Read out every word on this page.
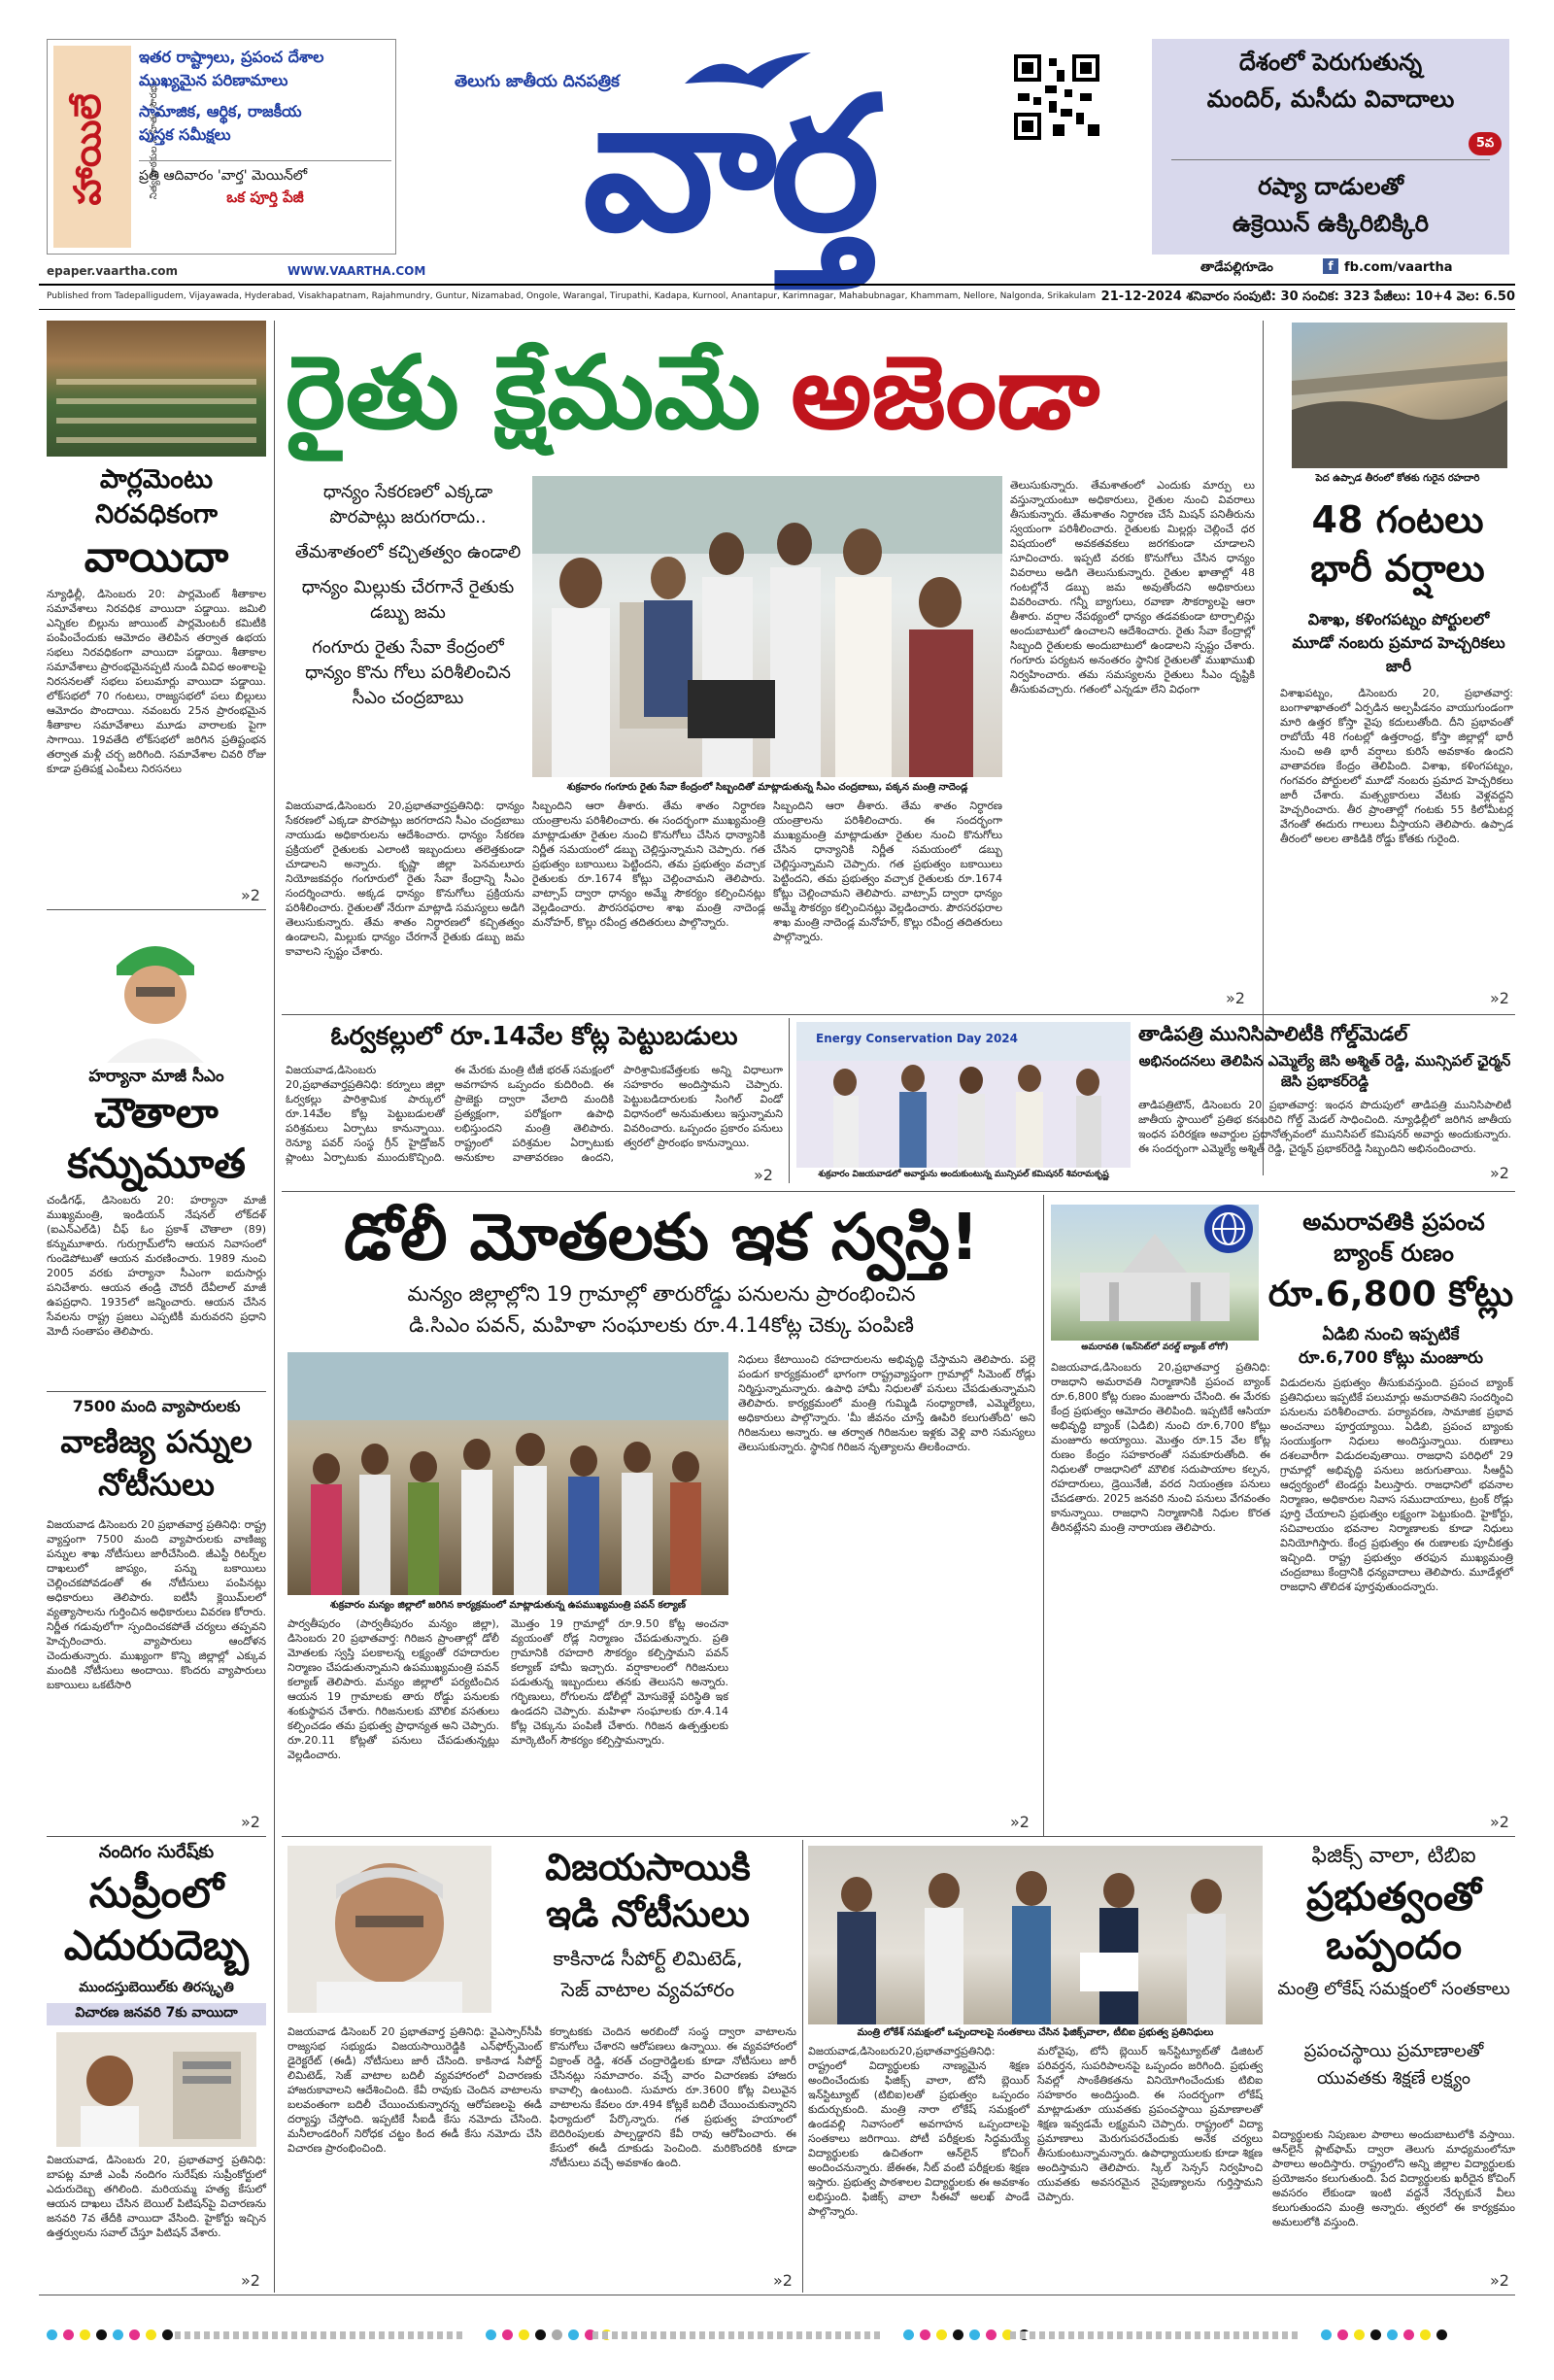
హాయిలే	నిత్య పాఠకుల సాహిత్య సౌరభం
ఇతర రాష్ట్రాలు, ప్రపంచ దేశాల
ముఖ్యమైన పరిణామాలు
సామాజిక, ఆర్థిక, రాజకీయ
పుస్తక సమీక్షలు
ప్రతి ఆదివారం 'వార్త' మెయిన్‌లో
ఒక పూర్తి పేజీ
epaper.vaartha.com	WWW.VAARTHA.COM
తెలుగు జాతీయ దినపత్రిక
వార్త	దేశంలో పెరుగుతున్న
మందిర్, మసీదు వివాదాలు
5వ
రష్యా దాడులతో
ఉక్రెయిన్ ఉక్కిరిబిక్కిరి
తాడేపల్లిగూడెం	f fb.com/vaartha
Published from Tadepalligudem, Vijayawada, Hyderabad, Visakhapatnam, Rajahmundry, Guntur, Nizamabad, Ongole, Warangal, Tirupathi, Kadapa, Kurnool, Anantapur, Karimnagar, Mahabubnagar, Khammam, Nellore, Nalgonda, Srikakulam 21-12-2024 శనివారం సంపుటి: 30 సంచిక: 323 పేజీలు: 10+4 వెల: 6.50
పార్లమెంటు
నిరవధికంగా
వాయిదా
న్యూఢిల్లీ, డిసెంబరు 20: పార్లమెంట్ శీతాకాల సమావేశాలు నిరవధిక వాయిదా పడ్డాయి. జమిలి ఎన్నికల బిల్లును జాయింట్ పార్లమెంటరీ కమిటీకి పంపించేందుకు ఆమోదం తెలిపిన తర్వాత ఉభయ సభలు నిరవధికంగా వాయిదా పడ్డాయి. శీతాకాల సమావేశాలు ప్రారంభమైనప్పటి నుండి వివిధ అంశాలపై నిరసనలతో సభలు పలుమార్లు వాయిదా పడ్డాయి. లోక్‌సభలో 70 గంటలు, రాజ్యసభలో పలు బిల్లులు ఆమోదం పొందాయి. నవంబరు 25న ప్రారంభమైన శీతాకాల సమావేశాలు మూడు వారాలకు పైగా సాగాయి. 19వతేది లోక్‌సభలో జరిగిన ప్రతిష్టంభన తర్వాత మళ్లీ చర్చ జరిగింది. సమావేశాల చివరి రోజు కూడా ప్రతిపక్ష ఎంపీలు నిరసనలు
»2
హర్యానా మాజీ సీఎం
చౌతాలా
కన్నుమూత
చండీగఢ్, డిసెంబరు 20: హర్యానా మాజీ ముఖ్యమంత్రి, ఇండియన్ నేషనల్ లోక్‌దళ్ (ఐఎన్‌ఎల్‌డి) చీఫ్ ఓం ప్రకాశ్ చౌతాలా (89) కన్నుమూశారు. గురుగ్రామ్‌లోని ఆయన నివాసంలో గుండెపోటుతో ఆయన మరణించారు. 1989 నుంచి 2005 వరకు హర్యానా సీఎంగా ఐదుసార్లు పనిచేశారు. ఆయన తండ్రి చౌదరీ దేవీలాల్ మాజీ ఉపప్రధాని. 1935లో జన్మించారు. ఆయన చేసిన సేవలను రాష్ట్ర ప్రజలు ఎప్పటికీ మరువరని ప్రధాని మోదీ సంతాపం తెలిపారు.
7500 మంది వ్యాపారులకు
వాణిజ్య పన్నుల
నోటీసులు
విజయవాడ డిసెంబరు 20 ప్రభాతవార్త ప్రతినిధి: రాష్ట్ర వ్యాప్తంగా 7500 మంది వ్యాపారులకు వాణిజ్య పన్నుల శాఖ నోటీసులు జారీచేసింది. జీఎస్టీ రిటర్న్‌ల దాఖలులో జాప్యం, పన్ను బకాయిలు చెల్లించకపోవడంతో ఈ నోటీసులు పంపినట్లు అధికారులు తెలిపారు. ఐటీసీ క్లెయిమ్‌లలో వ్యత్యాసాలను గుర్తించిన అధికారులు వివరణ కోరారు. నిర్ణీత గడువులోగా స్పందించకపోతే చర్యలు తప్పవని హెచ్చరించారు. వ్యాపారులు ఆందోళన చెందుతున్నారు. ముఖ్యంగా కొన్ని జిల్లాల్లో ఎక్కువ మందికి నోటీసులు అందాయి. కొందరు వ్యాపారులు బకాయిలు ఒకటేసారి
»2
నందిగం సురేష్‌కు
సుప్రీంలో
ఎదురుదెబ్బ
ముందస్తుబెయిల్‌కు తిరస్కృతి
విచారణ జనవరి 7కు వాయిదా
విజయవాడ, డిసెంబరు 20, ప్రభాతవార్త ప్రతినిధి: బాపట్ల మాజీ ఎంపీ నందిగం సురేష్‌కు సుప్రీంకోర్టులో ఎదురుదెబ్బ తగిలింది. మరియమ్మ హత్య కేసులో ఆయన దాఖలు చేసిన బెయిల్ పిటిషన్‌పై విచారణను జనవరి 7వ తేదీకి వాయిదా వేసింది. హైకోర్టు ఇచ్చిన ఉత్తర్వులను సవాల్ చేస్తూ పిటిషన్ వేశారు.
»2
రైతు క్షేమమే అజెండా
ధాన్యం సేకరణలో ఎక్కడా పొరపాట్లు జరుగరాదు..
తేమశాతంలో కచ్చితత్వం ఉండాలి
ధాన్యం మిల్లుకు చేరగానే రైతుకు డబ్బు జమ
గంగూరు రైతు సేవా కేంద్రంలో ధాన్యం కొను గోలు పరిశీలించిన సీఎం చంద్రబాబు
శుక్రవారం గంగూరు రైతు సేవా కేంద్రంలో సిబ్బందితో మాట్లాడుతున్న సీఎం చంద్రబాబు, పక్కన మంత్రి నాదెండ్ల
విజయవాడ,డిసెంబరు 20,ప్రభాతవార్తప్రతినిధి: ధాన్యం సేకరణలో ఎక్కడా పొరపాట్లు జరగరాదని సీఎం చంద్రబాబు నాయుడు అధికారులను ఆదేశించారు. ధాన్యం సేకరణ ప్రక్రియలో రైతులకు ఎలాంటి ఇబ్బందులు తలెత్తకుండా చూడాలని అన్నారు. కృష్ణా జిల్లా పెనమలూరు నియోజకవర్గం గంగూరులో రైతు సేవా కేంద్రాన్ని సీఎం సందర్శించారు. అక్కడ ధాన్యం కొనుగోలు ప్రక్రియను పరిశీలించారు. రైతులతో నేరుగా మాట్లాడి సమస్యలు అడిగి తెలుసుకున్నారు. తేమ శాతం నిర్ధారణలో కచ్చితత్వం ఉండాలని, మిల్లుకు ధాన్యం చేరగానే రైతుకు డబ్బు జమ కావాలని స్పష్టం చేశారు.
సిబ్బందిని ఆరా తీశారు. తేమ శాతం నిర్ధారణ యంత్రాలను పరిశీలించారు. ఈ సందర్భంగా ముఖ్యమంత్రి మాట్లాడుతూ రైతుల నుంచి కొనుగోలు చేసిన ధాన్యానికి నిర్ణీత సమయంలో డబ్బు చెల్లిస్తున్నామని చెప్పారు. గత ప్రభుత్వం బకాయిలు పెట్టిందని, తమ ప్రభుత్వం వచ్చాక రైతులకు రూ.1674 కోట్లు చెల్లించామని తెలిపారు. వాట్సాప్ ద్వారా ధాన్యం అమ్మే సౌకర్యం కల్పించినట్లు వెల్లడించారు. పౌరసరఫరాల శాఖ మంత్రి నాదెండ్ల మనోహర్, కొల్లు రవీంద్ర తదితరులు పాల్గొన్నారు.
తెలుసుకున్నారు. తేమశాతంలో ఎందుకు మార్పు లు వస్తున్నాయంటూ అధికారులు, రైతుల నుంచి వివరాలు తీసుకున్నారు. తేమశాతం నిర్ధారణ చేసే మిషన్ పనితీరును స్వయంగా పరిశీలించారు. రైతులకు మిల్లర్లు చెల్లించే ధర విషయంలో అవకతవకలు జరగకుండా చూడాలని సూచించారు. ఇప్పటి వరకు కొనుగోలు చేసిన ధాన్యం వివరాలు అడిగి తెలుసుకున్నారు. రైతుల ఖాతాల్లో 48 గంటల్లోనే డబ్బు జమ అవుతోందని అధికారులు వివరించారు. గన్నీ బ్యాగులు, రవాణా సౌకర్యాలపై ఆరా తీశారు. వర్షాల నేపథ్యంలో ధాన్యం తడవకుండా టార్పాలిన్లు అందుబాటులో ఉంచాలని ఆదేశించారు. రైతు సేవా కేంద్రాల్లో సిబ్బంది రైతులకు అందుబాటులో ఉండాలని స్పష్టం చేశారు. గంగూరు పర్యటన అనంతరం స్థానిక రైతులతో ముఖాముఖి నిర్వహించారు. తమ సమస్యలను రైతులు సీఎం దృష్టికి తీసుకువచ్చారు. గతంలో ఎన్నడూ లేని విధంగా
సిబ్బందిని ఆరా తీశారు. తేమ శాతం నిర్ధారణ యంత్రాలను పరిశీలించారు. ఈ సందర్భంగా ముఖ్యమంత్రి మాట్లాడుతూ రైతుల నుంచి కొనుగోలు చేసిన ధాన్యానికి నిర్ణీత సమయంలో డబ్బు చెల్లిస్తున్నామని చెప్పారు. గత ప్రభుత్వం బకాయిలు పెట్టిందని, తమ ప్రభుత్వం వచ్చాక రైతులకు రూ.1674 కోట్లు చెల్లించామని తెలిపారు. వాట్సాప్ ద్వారా ధాన్యం అమ్మే సౌకర్యం కల్పించినట్లు వెల్లడించారు. పౌరసరఫరాల శాఖ మంత్రి నాదెండ్ల మనోహర్, కొల్లు రవీంద్ర తదితరులు పాల్గొన్నారు.
»2
పెద ఉప్పాడ తీరంలో కోతకు గురైన రహదారి
48 గంటలు
భారీ వర్షాలు
విశాఖ, కళింగపట్నం పోర్టులలో మూడో నంబరు ప్రమాద హెచ్చరికలు జారీ
విశాఖపట్నం, డిసెంబరు 20, ప్రభాతవార్త: బంగాళాఖాతంలో ఏర్పడిన అల్పపీడనం వాయుగుండంగా మారి ఉత్తర కోస్తా వైపు కదులుతోంది. దీని ప్రభావంతో రాబోయే 48 గంటల్లో ఉత్తరాంధ్ర, కోస్తా జిల్లాల్లో భారీ నుంచి అతి భారీ వర్షాలు కురిసే అవకాశం ఉందని వాతావరణ కేంద్రం తెలిపింది. విశాఖ, కళింగపట్నం, గంగవరం పోర్టులలో మూడో నంబరు ప్రమాద హెచ్చరికలు జారీ చేశారు. మత్స్యకారులు వేటకు వెళ్లవద్దని హెచ్చరించారు. తీర ప్రాంతాల్లో గంటకు 55 కిలోమీటర్ల వేగంతో ఈదురు గాలులు వీస్తాయని తెలిపారు. ఉప్పాడ తీరంలో అలల తాకిడికి రోడ్డు కోతకు గురైంది.
»2
ఓర్వకల్లులో రూ.14వేల కోట్ల పెట్టుబడులు
విజయవాడ,డిసెంబరు 20,ప్రభాతవార్తప్రతినిధి: కర్నూలు జిల్లా ఓర్వకల్లు పారిశ్రామిక పార్కులో రూ.14వేల కోట్ల పెట్టుబడులతో పరిశ్రమలు ఏర్పాటు కానున్నాయి. రెన్యూ పవర్ సంస్థ గ్రీన్ హైడ్రోజన్ ప్లాంటు ఏర్పాటుకు ముందుకొచ్చింది. ఈ మేరకు మంత్రి టీజీ భరత్ సమక్షంలో అవగాహన ఒప్పందం కుదిరింది. ఈ ప్రాజెక్టు ద్వారా వేలాది మందికి ప్రత్యక్షంగా, పరోక్షంగా ఉపాధి లభిస్తుందని మంత్రి తెలిపారు. రాష్ట్రంలో పరిశ్రమల ఏర్పాటుకు అనుకూల వాతావరణం ఉందని, పారిశ్రామికవేత్తలకు అన్ని విధాలుగా సహకారం అందిస్తామని చెప్పారు. పెట్టుబడిదారులకు సింగిల్ విండో విధానంలో అనుమతులు ఇస్తున్నామని వివరించారు. ఒప్పందం ప్రకారం పనులు త్వరలో ప్రారంభం కానున్నాయి.
»2
Energy Conservation Day 2024
శుక్రవారం విజయవాడలో అవార్డును అందుకుంటున్న మున్సిపల్ కమిషనర్ శివరామకృష్ణ
తాడిపత్రి మునిసిపాలిటీకి గోల్డ్‌మెడల్
అభినందనలు తెలిపిన ఎమ్మెల్యే జెసి అశ్మిత్ రెడ్డి, మున్సిపల్ ఛైర్మన్ జెసి ప్రభాకర్‌రెడ్డి
తాడిపత్రిటౌన్, డిసెంబరు 20 ప్రభాతవార్త: ఇంధన పొదుపులో తాడిపత్రి మునిసిపాలిటీ జాతీయ స్థాయిలో ప్రతిభ కనబరిచి గోల్డ్ మెడల్ సాధించింది. న్యూఢిల్లీలో జరిగిన జాతీయ ఇంధన పరిరక్షణ అవార్డుల ప్రదానోత్సవంలో మునిసిపల్ కమిషనర్ అవార్డు అందుకున్నారు. ఈ సందర్భంగా ఎమ్మెల్యే అశ్మిత్ రెడ్డి, చైర్మన్ ప్రభాకర్‌రెడ్డి సిబ్బందిని అభినందించారు.
»2
డోలీ మోతలకు ఇక స్వస్తి!
మన్యం జిల్లాల్లోని 19 గ్రామాల్లో తారురోడ్డు పనులను ప్రారంభించిన
డి.సిఎం పవన్, మహిళా సంఘాలకు రూ.4.14కోట్ల చెక్కు పంపిణి
శుక్రవారం మన్యం జిల్లాలో జరిగిన కార్యక్రమంలో మాట్లాడుతున్న ఉపముఖ్యమంత్రి పవన్ కల్యాణ్
పార్వతీపురం (పార్వతీపురం మన్యం జిల్లా), డిసెంబరు 20 ప్రభాతవార్త: గిరిజన ప్రాంతాల్లో డోలీ మోతలకు స్వస్తి పలకాలన్న లక్ష్యంతో రహదారుల నిర్మాణం చేపడుతున్నామని ఉపముఖ్యమంత్రి పవన్ కల్యాణ్ తెలిపారు. మన్యం జిల్లాలో పర్యటించిన ఆయన 19 గ్రామాలకు తారు రోడ్డు పనులకు శంకుస్థాపన చేశారు. గిరిజనులకు మౌలిక వసతులు కల్పించడం తమ ప్రభుత్వ ప్రాధాన్యత అని చెప్పారు. రూ.20.11 కోట్లతో పనులు చేపడుతున్నట్లు వెల్లడించారు.
మొత్తం 19 గ్రామాల్లో రూ.9.50 కోట్ల అంచనా వ్యయంతో రోడ్ల నిర్మాణం చేపడుతున్నారు. ప్రతి గ్రామానికి రహదారి సౌకర్యం కల్పిస్తామని పవన్ కల్యాణ్ హామీ ఇచ్చారు. వర్షాకాలంలో గిరిజనులు పడుతున్న ఇబ్బందులు తనకు తెలుసని అన్నారు. గర్భిణులు, రోగులను డోలీల్లో మోసుకెళ్లే పరిస్థితి ఇక ఉండదని చెప్పారు. మహిళా సంఘాలకు రూ.4.14 కోట్ల చెక్కును పంపిణీ చేశారు. గిరిజన ఉత్పత్తులకు మార్కెటింగ్ సౌకర్యం కల్పిస్తామన్నారు.
నిధులు కేటాయించి రహదారులను అభివృద్ధి చేస్తామని తెలిపారు. పల్లె పండుగ కార్యక్రమంలో భాగంగా రాష్ట్రవ్యాప్తంగా గ్రామాల్లో సిమెంట్ రోడ్లు నిర్మిస్తున్నామన్నారు. ఉపాధి హామీ నిధులతో పనులు చేపడుతున్నామని తెలిపారు. కార్యక్రమంలో మంత్రి గుమ్మిడి సంధ్యారాణి, ఎమ్మెల్యేలు, అధికారులు పాల్గొన్నారు. 'మీ జీవనం చూస్తే ఊపిరి కలుగుతోంది' అని గిరిజనులు అన్నారు. ఆ తర్వాత గిరిజనుల ఇళ్లకు వెళ్లి వారి సమస్యలు తెలుసుకున్నారు. స్థానిక గిరిజన నృత్యాలను తిలకించారు.
»2
అమరావతి (ఇన్‌సెట్‌లో వరల్డ్ బ్యాంక్ లోగో)
అమరావతికి ప్రపంచ
బ్యాంక్ రుణం
రూ.6,800 కోట్లు
ఏడిబి నుంచి ఇప్పటికే
రూ.6,700 కోట్లు మంజూరు
విజయవాడ,డిసెంబరు 20,ప్రభాతవార్త ప్రతినిధి: రాజధాని అమరావతి నిర్మాణానికి ప్రపంచ బ్యాంక్ రూ.6,800 కోట్ల రుణం మంజూరు చేసింది. ఈ మేరకు కేంద్ర ప్రభుత్వం ఆమోదం తెలిపింది. ఇప్పటికే ఆసియా అభివృద్ధి బ్యాంక్ (ఏడిబి) నుంచి రూ.6,700 కోట్లు మంజూరు అయ్యాయి. మొత్తం రూ.15 వేల కోట్ల రుణం కేంద్రం సహకారంతో సమకూరుతోంది. ఈ నిధులతో రాజధానిలో మౌలిక సదుపాయాల కల్పన, రహదారులు, డ్రెయినేజీ, వరద నియంత్రణ పనులు చేపడతారు. 2025 జనవరి నుంచి పనులు వేగవంతం కానున్నాయి. రాజధాని నిర్మాణానికి నిధుల కొరత తీరినట్లేనని మంత్రి నారాయణ తెలిపారు.
విడుదలను ప్రభుత్వం తీసుకువస్తుంది. ప్రపంచ బ్యాంక్ ప్రతినిధులు ఇప్పటికే పలుమార్లు అమరావతిని సందర్శించి పనులను పరిశీలించారు. పర్యావరణ, సామాజిక ప్రభావ అంచనాలు పూర్తయ్యాయి. ఏడిబి, ప్రపంచ బ్యాంకు సంయుక్తంగా నిధులు అందిస్తున్నాయి. రుణాలు దశలవారీగా విడుదలవుతాయి. రాజధాని పరిధిలో 29 గ్రామాల్లో అభివృద్ధి పనులు జరుగుతాయి. సీఆర్డీఏ ఆధ్వర్యంలో టెండర్లు పిలుస్తారు. రాజధానిలో భవనాల నిర్మాణం, అధికారుల నివాస సముదాయాలు, ట్రంక్ రోడ్లు పూర్తి చేయాలని ప్రభుత్వం లక్ష్యంగా పెట్టుకుంది. హైకోర్టు, సచివాలయం భవనాల నిర్మాణాలకు కూడా నిధులు వినియోగిస్తారు. కేంద్ర ప్రభుత్వం ఈ రుణాలకు పూచీకత్తు ఇచ్చింది. రాష్ట్ర ప్రభుత్వం తరఫున ముఖ్యమంత్రి చంద్రబాబు కేంద్రానికి ధన్యవాదాలు తెలిపారు. మూడేళ్లలో రాజధాని తొలిదశ పూర్తవుతుందన్నారు.
»2
విజయసాయికి
ఇడి నోటీసులు
కాకినాడ సీపోర్ట్ లిమిటెడ్,
సెజ్ వాటాల వ్యవహారం
విజయవాడ డిసెంబర్ 20 ప్రభాతవార్త ప్రతినిధి: వైఎస్సార్‌సీపీ రాజ్యసభ సభ్యుడు విజయసాయిరెడ్డికి ఎన్‌ఫోర్స్‌మెంట్ డైరెక్టరేట్ (ఈడీ) నోటీసులు జారీ చేసింది. కాకినాడ సీపోర్ట్ లిమిటెడ్, సెజ్ వాటాల బదిలీ వ్యవహారంలో విచారణకు హాజరుకావాలని ఆదేశించింది. కేవీ రావుకు చెందిన వాటాలను బలవంతంగా బదిలీ చేయించుకున్నారన్న ఆరోపణలపై ఈడీ దర్యాప్తు చేస్తోంది. ఇప్పటికే సీఐడీ కేసు నమోదు చేసింది. మనీలాండరింగ్ నిరోధక చట్టం కింద ఈడీ కేసు నమోదు చేసి విచారణ ప్రారంభించింది.
కర్నాటకకు చెందిన అరబిందో సంస్థ ద్వారా వాటాలను కొనుగోలు చేశారని ఆరోపణలు ఉన్నాయి. ఈ వ్యవహారంలో విక్రాంత్ రెడ్డి, శరత్ చంద్రారెడ్డిలకు కూడా నోటీసులు జారీ చేసినట్లు సమాచారం. వచ్చే వారం విచారణకు హాజరు కావాల్సి ఉంటుంది. సుమారు రూ.3600 కోట్ల విలువైన వాటాలను కేవలం రూ.494 కోట్లకే బదిలీ చేయించుకున్నారని ఫిర్యాదులో పేర్కొన్నారు. గత ప్రభుత్వ హయాంలో బెదిరింపులకు పాల్పడ్డారని కేవీ రావు ఆరోపించారు. ఈ కేసులో ఈడీ దూకుడు పెంచింది. మరికొందరికి కూడా నోటీసులు వచ్చే అవకాశం ఉంది.
»2
మంత్రి లోకేశ్ సమక్షంలో ఒప్పందాలపై సంతకాలు చేసిన ఫిజిక్స్‌వాలా, టీబిఐ ప్రభుత్వ ప్రతినిధులు
విజయవాడ,డిసెంబరు20,ప్రభాతవార్తప్రతినిధి: రాష్ట్రంలో విద్యార్థులకు నాణ్యమైన శిక్షణ అందించేందుకు ఫిజిక్స్ వాలా, టోనీ బ్లెయిర్ ఇన్‌స్టిట్యూట్ (టిబిఐ)లతో ప్రభుత్వం ఒప్పందం కుదుర్చుకుంది. మంత్రి నారా లోకేష్ సమక్షంలో ఉండవల్లి నివాసంలో అవగాహన ఒప్పందాలపై సంతకాలు జరిగాయి. పోటీ పరీక్షలకు సిద్ధమయ్యే విద్యార్థులకు ఉచితంగా ఆన్‌లైన్ కోచింగ్ అందించనున్నారు. జేఈఈ, నీట్ వంటి పరీక్షలకు శిక్షణ ఇస్తారు. ప్రభుత్వ పాఠశాలల విద్యార్థులకు ఈ అవకాశం లభిస్తుంది. ఫిజిక్స్ వాలా సీఈవో అలఖ్ పాండే పాల్గొన్నారు.
మరోవైపు, టోనీ బ్లెయిర్ ఇన్‌స్టిట్యూట్‌తో డిజిటల్ పరివర్తన, సుపరిపాలనపై ఒప్పందం జరిగింది. ప్రభుత్వ సేవల్లో సాంకేతికతను వినియోగించేందుకు టిబిఐ సహకారం అందిస్తుంది. ఈ సందర్భంగా లోకేష్ మాట్లాడుతూ యువతకు ప్రపంచస్థాయి ప్రమాణాలతో శిక్షణ ఇవ్వడమే లక్ష్యమని చెప్పారు. రాష్ట్రంలో విద్యా ప్రమాణాలు మెరుగుపరచేందుకు అనేక చర్యలు తీసుకుంటున్నామన్నారు. ఉపాధ్యాయులకు కూడా శిక్షణ అందిస్తామని తెలిపారు. స్కిల్ సెన్సస్ నిర్వహించి యువతకు అవసరమైన నైపుణ్యాలను గుర్తిస్తామని చెప్పారు.
ఫిజిక్స్ వాలా, టిబిఐ
ప్రభుత్వంతో
ఒప్పందం
మంత్రి లోకేష్ సమక్షంలో సంతకాలు
ప్రపంచస్థాయి ప్రమాణాలతో యువతకు శిక్షణే లక్ష్యం
విద్యార్థులకు నిపుణుల పాఠాలు అందుబాటులోకి వస్తాయి. ఆన్‌లైన్ ప్లాట్‌ఫామ్ ద్వారా తెలుగు మాధ్యమంలోనూ పాఠాలు అందిస్తారు. రాష్ట్రంలోని అన్ని జిల్లాల విద్యార్థులకు ప్రయోజనం కలుగుతుంది. పేద విద్యార్థులకు ఖరీదైన కోచింగ్ అవసరం లేకుండా ఇంటి వద్దనే నేర్చుకునే వీలు కలుగుతుందని మంత్రి అన్నారు. త్వరలో ఈ కార్యక్రమం అమలులోకి వస్తుంది.
»2
